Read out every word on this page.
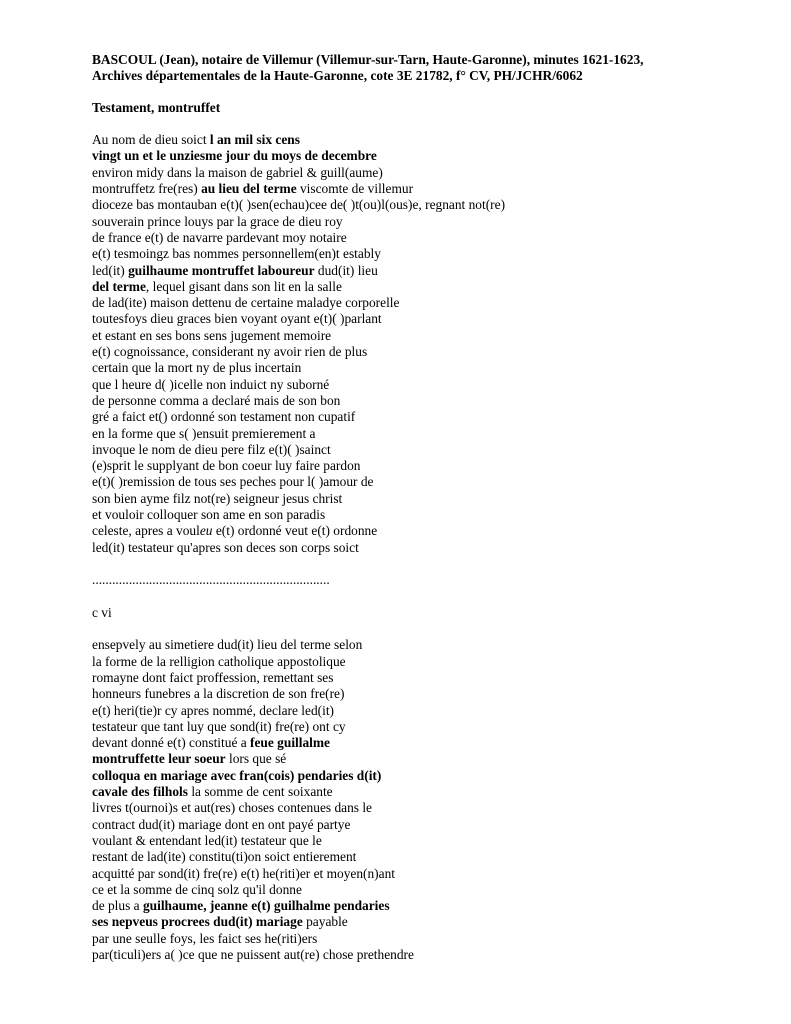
BASCOUL (Jean), notaire de Villemur (Villemur-sur-Tarn, Haute-Garonne), minutes 1621-1623,
Archives départementales de la Haute-Garonne, cote 3E 21782, f° CV, PH/JCHR/6062
Testament, montruffet
Au nom de dieu soict l an mil six cens
vingt un et le unziesme jour du moys de decembre
environ midy dans la maison de gabriel & guill(aume)
montruffetz fre(res) au lieu del terme viscomte de villemur
dioceze bas montauban e(t)( )sen(echau)cee de( )t(ou)l(ous)e, regnant not(re)
souverain prince louys par la grace de dieu roy
de france e(t) de navarre pardevant moy notaire
e(t) tesmoingz bas nommes personnellem(en)t estably
led(it) guilhaume montruffet laboureur dud(it) lieu
del terme, lequel gisant dans son lit en la salle
de lad(ite) maison dettenu de certaine maladye corporelle
toutesfoys dieu graces bien voyant oyant e(t)( )parlant
et estant en ses bons sens jugement memoire
e(t) cognoissance, considerant ny avoir rien de plus
certain que la mort ny de plus incertain
que l heure d( )icelle non induict ny suborné
de personne comma a declaré mais de son bon
gré a faict et() ordonné son testament non cupatif
en la forme que s( )ensuit premierement a
invoque le nom de dieu pere filz e(t)( )sainct
(e)sprit le supplyant de bon coeur luy faire pardon
e(t)( )remission de tous ses peches pour l( )amour de
son bien ayme filz not(re) seigneur jesus christ
et vouloir colloquer son ame en son paradis
celeste, apres a vouleu e(t) ordonné veut e(t) ordonne
led(it) testateur qu'apres son deces son corps soict
.......................................................................
c vi
ensepvely au simetiere dud(it) lieu del terme selon
la forme de la relligion catholique appostolique
romayne dont faict proffession, remettant ses
honneurs funebres a la discretion de son fre(re)
e(t) heri(tie)r cy apres nommé, declare led(it)
testateur que tant luy que sond(it) fre(re) ont cy
devant donné e(t) constitué a feue guillalme
montruffette leur soeur lors que sé
colloqua en mariage avec fran(cois) pendaries d(it)
cavale des filhols la somme de cent soixante
livres t(ournoi)s et aut(res) choses contenues dans le
contract dud(it) mariage dont en ont payé partye
voulant & entendant led(it) testateur que le
restant de lad(ite) constitu(ti)on soict entierement
acquitté par sond(it) fre(re) e(t) he(riti)er et moyen(n)ant
ce et la somme de cinq solz qu'il donne
de plus a guilhaume, jeanne e(t) guilhalme pendaries
ses nepveus procrees dud(it) mariage payable
par une seulle foys, les faict ses he(riti)ers
par(ticuli)ers a( )ce que ne puissent aut(re) chose prethendre
